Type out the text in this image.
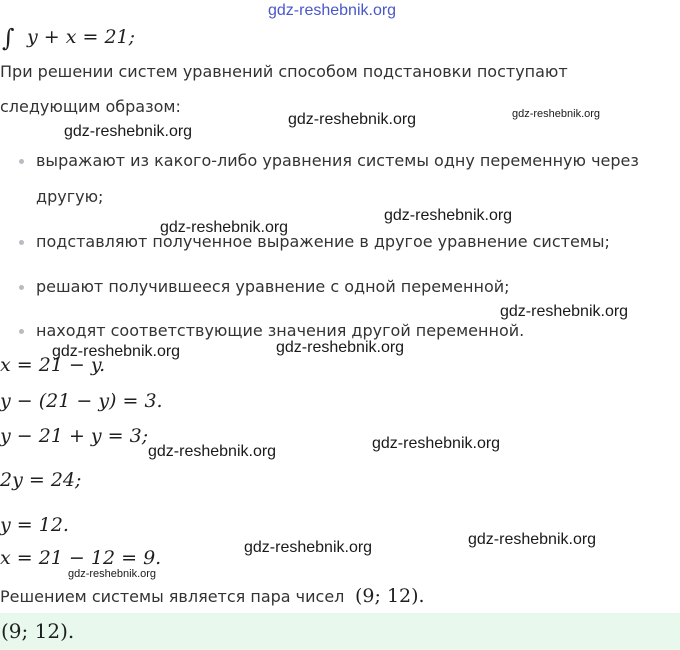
gdz-reshebnik.org
∫ y + x = 21;
При решении систем уравнений способом подстановки поступают
следующим образом:
выражают из какого-либо уравнения системы одну переменную через
другую;
подставляют полученное выражение в другое уравнение системы;
решают получившееся уравнение с одной переменной;
находят соответствующие значения другой переменной.
x = 21 − y.
y − (21 − y) = 3.
y − 21 + y = 3;
2y = 24;
y = 12.
x = 21 − 12 = 9.
Решением системы является пара чисел (9; 12).
(9; 12).
gdz-reshebnik.org
gdz-reshebnik.org	gdz-reshebnik.org
gdz-reshebnik.org
gdz-reshebnik.org
gdz-reshebnik.org
gdz-reshebnik.org	gdz-reshebnik.org
gdz-reshebnik.org	gdz-reshebnik.org
gdz-reshebnik.org	gdz-reshebnik.org
gdz-reshebnik.org
